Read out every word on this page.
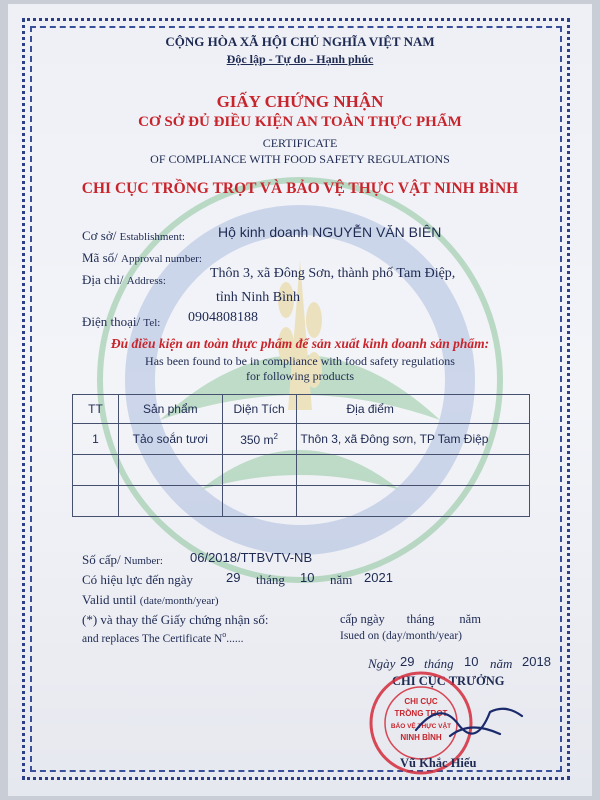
CỘNG HÒA XÃ HỘI CHỦ NGHĨA VIỆT NAM
Độc lập - Tự do - Hạnh phúc
GIẤY CHỨNG NHẬN
CƠ SỞ ĐỦ ĐIỀU KIỆN AN TOÀN THỰC PHẨM
CERTIFICATE
OF COMPLIANCE WITH FOOD SAFETY REGULATIONS
CHI CỤC TRỒNG TRỌT VÀ BẢO VỆ THỰC VẬT NINH BÌNH
Cơ sở/ Establishment: Hộ kinh doanh NGUYỄN VĂN BIÊN
Mã số/ Approval number:
Địa chỉ/ Address:	Thôn 3, xã Đông Sơn, thành phố Tam Điệp,
tỉnh Ninh Bình
Điện thoại/ Tel: 0904808188
Đủ điều kiện an toàn thực phẩm để sản xuất kinh doanh sản phẩm:
Has been found to be in compliance with food safety regulations
for following products
TT	Sản phẩm	Diện Tích	Địa điểm
1	Tảo soắn tươi	350 $m^2$	Thôn 3, xã Đông sơn, TP Tam Điệp

Số cấp/ Number: 06/2018/TTBVTV-NB
Có hiệu lực đến ngày	29 tháng 10 năm 2021
Valid until (date/month/year)
(*) và thay thế Giấy chứng nhận số:	cấp ngày       tháng        năm
and replaces The Certificate $N^o$......	Isued on (day/month/year)
Ngày 29 tháng 10 năm 2018
CHI CỤC TRƯỞNG
CHI CỤC
TRỒNG TRỌT
BẢO VỆ THỰC VẬT
NINH BÌNH
Vũ Khắc Hiếu
